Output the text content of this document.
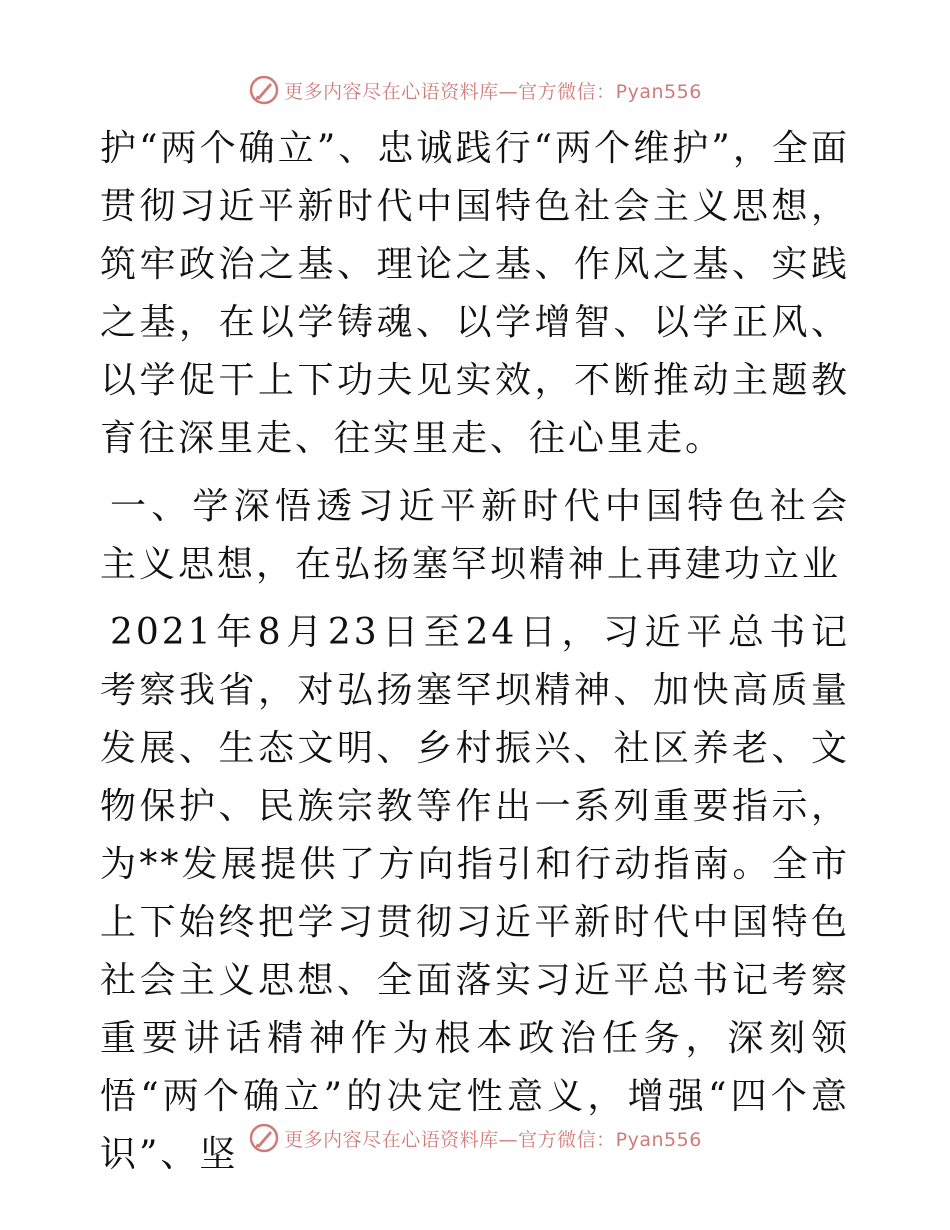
更多内容尽在心语资料库—官方微信：Pyan556

护“两个确立”、忠诚践行“两个维护”，全面贯彻习近平新时代中国特色社会主义思想，筑牢政治之基、理论之基、作风之基、实践之基，在以学铸魂、以学增智、以学正风、以学促干上下功夫见实效，不断推动主题教育往深里走、往实里走、往心里走。

一、学深悟透习近平新时代中国特色社会主义思想，在弘扬塞罕坝精神上再建功立业

2021年8月23日至24日，习近平总书记考察我省，对弘扬塞罕坝精神、加快高质量发展、生态文明、乡村振兴、社区养老、文物保护、民族宗教等作出一系列重要指示，为**发展提供了方向指引和行动指南。全市上下始终把学习贯彻习近平新时代中国特色社会主义思想、全面落实习近平总书记考察重要讲话精神作为根本政治任务，深刻领悟“两个确立”的决定性意义，增强“四个意识”、坚	更多内容尽在心语资料库—官方微信：Pyan556
